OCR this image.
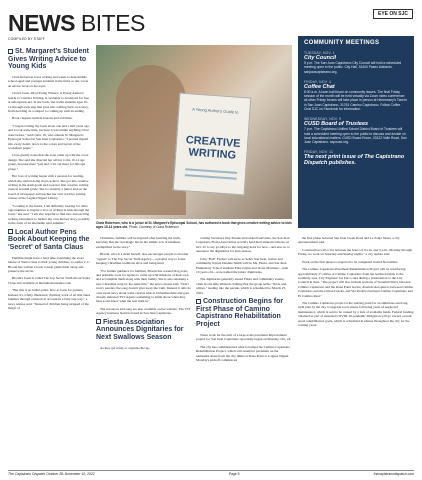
EYE ON SJC
NEWS BITES
COMPILED BY STAFF
St. Margaret's Student Gives Writing Advice to Young Kids

Ciara Roberson loves writing and wants to help middle school-aged and younger students in the field, so she wrote an advice book on the topic.

Ciara's book, titled Young Writers: A Young Author's Guide to Creative Writing, is available to download for free at stmargarets.net. In the book, she walks students ages 10-14 through each step that goes into crafting their own story, from deciding on a subject to coming up with an ending.

Book chapters include lessons and activities.

"I began writing my book about one and a half years ago, and it took some time, because it was unlike anything I had done before," said Ciara, 16, who attends St. Margaret's Episcopal School in San Juan Capistrano. "I poured myself into every detail, down to the colors and layout of the worksheet pages."

Ciara greatly notes that she even came up with the cover design. She said she directed her advice to the 10-14 age group, because there "just isn't a lot out there for this age group."

Her love of writing began with a passion for reading, which she started doing in pre-school. She got into creative writing in the sixth grade and took her first creative writing class in seventh grade. She is currently a junior and on the board of newspaper and teaches her own creative writing classes at the Laguna Niguel Library.

"Looking to the future, I am definitely looking for other opportunities to inspire a love of writing in kids through the book," she said. "I am also hopeful to find new and exciting writing adventures to further my own literary story, possibly in the form of an internship next summer."

Local Author Pens Book About Keeping the 'Secret' of Santa Claus

Families might have a hard time explaining the exact nature of Santa Claus to their young children, so author C.C. Bloom has written a book to help guide them along and preserve the secret.

Bloom's book is called The Top Secret Truth About Santa Claus and available at thetruthaboutsanta.com.

"But this is no bullet-point, how-to book for parents. Instead, it's a fully illustrated, rhyming work of art that takes families through a historical account in a fairy tale way," a news release said. "Instead of children being stripped of the magic of

A Young Author's Guide to
CREATIVE WRITING
Ciara Roberson, who is a junior at St. Margaret's Episcopal School, has authored a book that gives creative writing advice to kids ages 10-14 years old. Photo: Courtesy of Ciara Roberson

Christmas, families will be inspired after learning the truth, knowing that the real magic lies in the simple acts of kindness exemplified in the story."

Bloom, who is a mom herself, also encourages people to become "agents" to The Top Secret Truth Agency—a playful way to foster keeping Christmas traditions alive and being kind.

"For further guidance for families, Bloom has created blog posts and printable tools for agents to come up with missions of their own and accomplish them along with their family. She is also releasing a new Christmas song by the same title," the news release said. "Don't worry parents, the song doesn't give away the truth. Instead, it tells its own sweet story about some curious kids at Christmas time and goes already inducted TST Agents something to smile about when they hear it and know what the real truth is."

The resources and song are also available on her website. The TST Agency business brand is based in San Juan Capistrano.

Fiesta Association Announces Dignitaries for Next Swallows Season

As they get ready to organize the up-

coming Swallows Day Parade and related festivities, the San Juan Capistrano Fiesta Association recently held their annual barbecue on Oct. 22 to say goodbye to the outgoing heirs for now—and also so to announce the dignitaries for next season.

John "Fish" Fischer will serve as Señor San Juan, realtor and community fixture Daniele Smith will be Ms. Fiesta, and San Juan Elementary School students Elise Glynn and Javier Martinez—both 10 years old—were named the junior dignitaries.

The dignitaries generally attend Fiesta and community events, often in old-time Western clothing that the group terms "black-and-whites," leading into the parade, which is scheduled for March 25, 2023.

Construction Begins for First Phase of Camino Capistrano Rehabilitation Project

Street work for the start of a large-scale pavement improvement project for San Juan Capistrano reportedly began on Monday, Oct. 24.

The city has commissioned what is termed the Camino Capistrano Rehabilitation Project, which will resurface pavement on the namesake street from the city limits at Dana Point to Laguna Niguel. Monday's kickoff commenced

COMMUNITY MEETINGS
TUESDAY, NOV. 1
City Council
5 p.m. The San Juan Capistrano City Council will hold a scheduled meeting open to the public. City Hall, 32400 Paseo Adelanto. sanjuancapistrano.org.
FRIDAY, NOV. 4
Coffee Chat
8:30 a.m. A town hall forum on community issues. The final Friday session of the month will be held virtually via Zoom video conference; all other Friday forums will take place in person at Hennessey's Tavern in San Juan Capistrano, 31761 Camino Capistrano. Follow Coffee Chat SJC on Facebook for information.
WEDNESDAY, NOV. 9
CUSD Board of Trustees
7 p.m. The Capistrano Unified School District Board of Trustees will hold a scheduled meeting open to the public to discuss and decide on local educational matters. CUSD Board Room, 33122 Valle Road, San Juan Capistrano. capousd.org.
FRIDAY, NOV. 11
The next print issue of The Capistrano Dispatch publishes.

the first phase between San Juan Creek Road and La Zanja Street, a city announcement said.

Construction will occur between the hours of 9 a.m. and 3 p.m., Monday through Friday, no work on Saturday and Sunday nights," a city update said.

Work on the first phase is expected to be completed in mid-November.

The Camino Capistrano Pavement Rehabilitation Project will be resurfacing approximately 2½ miles of Camino Capistrano from the northern limits to the southerly area. City Engineer Joe Parco said during a presentation to the City Council in June. "The project will also include sections of Stonehill Drive between Camino Capistrano and the Dana Point border, Avenida Aeropuerto between Camino Capistrano and the railroad tracks, and Via Positiva between Camino Capistrano and El Camino Real."

The Camino Capistrano project is the starting point for an ambitious and long-term plan by the city to upgrade local streets following years of neglected maintenance, which is said to be caused by a lack of available funds. Federal funding obtained as part of intended COVID-19 pandemic mitigation will go toward overall street rehabilitation goals, which is scheduled in phases throughout the city for the coming years.

The Capistrano Dispatch October 28–November 10, 2022	Page 5	thecapistranodispatch.com
